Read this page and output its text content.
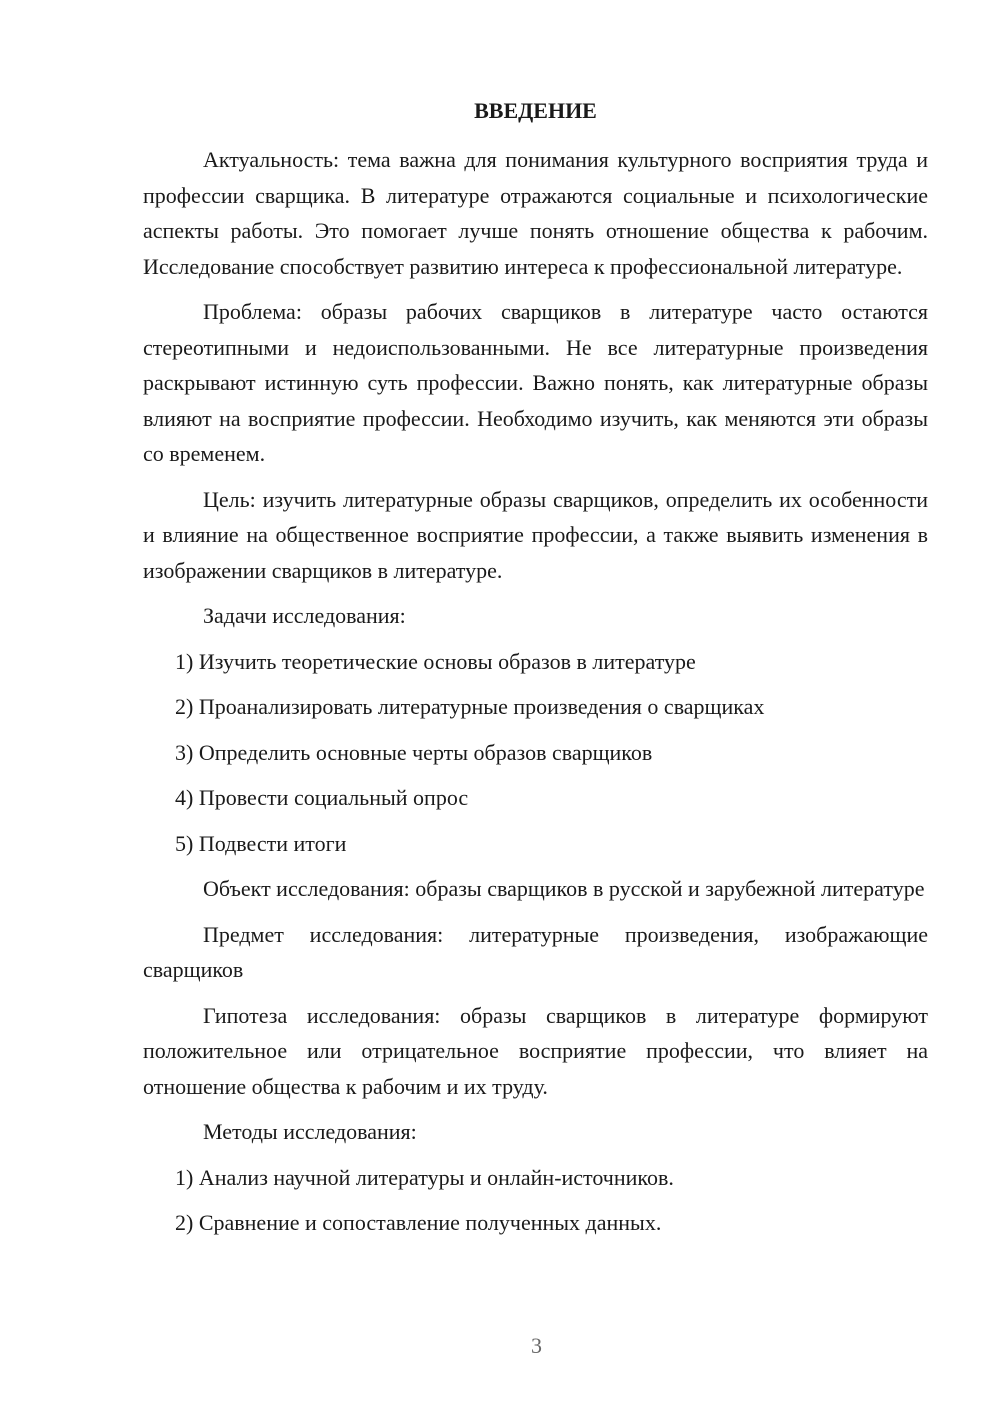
ВВЕДЕНИЕ

Актуальность: тема важна для понимания культурного восприятия труда и профессии сварщика. В литературе отражаются социальные и психологические аспекты работы. Это помогает лучше понять отношение общества к рабочим. Исследование способствует развитию интереса к профессиональной литературе.

Проблема: образы рабочих сварщиков в литературе часто остаются стереотипными и недоиспользованными. Не все литературные произведения раскрывают истинную суть профессии. Важно понять, как литературные образы влияют на восприятие профессии. Необходимо изучить, как меняются эти образы со временем.

Цель: изучить литературные образы сварщиков, определить их особенности и влияние на общественное восприятие профессии, а также выявить изменения в изображении сварщиков в литературе.

Задачи исследования:

1) Изучить теоретические основы образов в литературе

2) Проанализировать литературные произведения о сварщиках

3) Определить основные черты образов сварщиков

4) Провести социальный опрос

5) Подвести итоги

Объект исследования: образы сварщиков в русской и зарубежной литературе

Предмет исследования: литературные произведения, изображающие сварщиков

Гипотеза исследования: образы сварщиков в литературе формируют положительное или отрицательное восприятие профессии, что влияет на отношение общества к рабочим и их труду.

Методы исследования:

1) Анализ научной литературы и онлайн-источников.

2) Сравнение и сопоставление полученных данных.

3
